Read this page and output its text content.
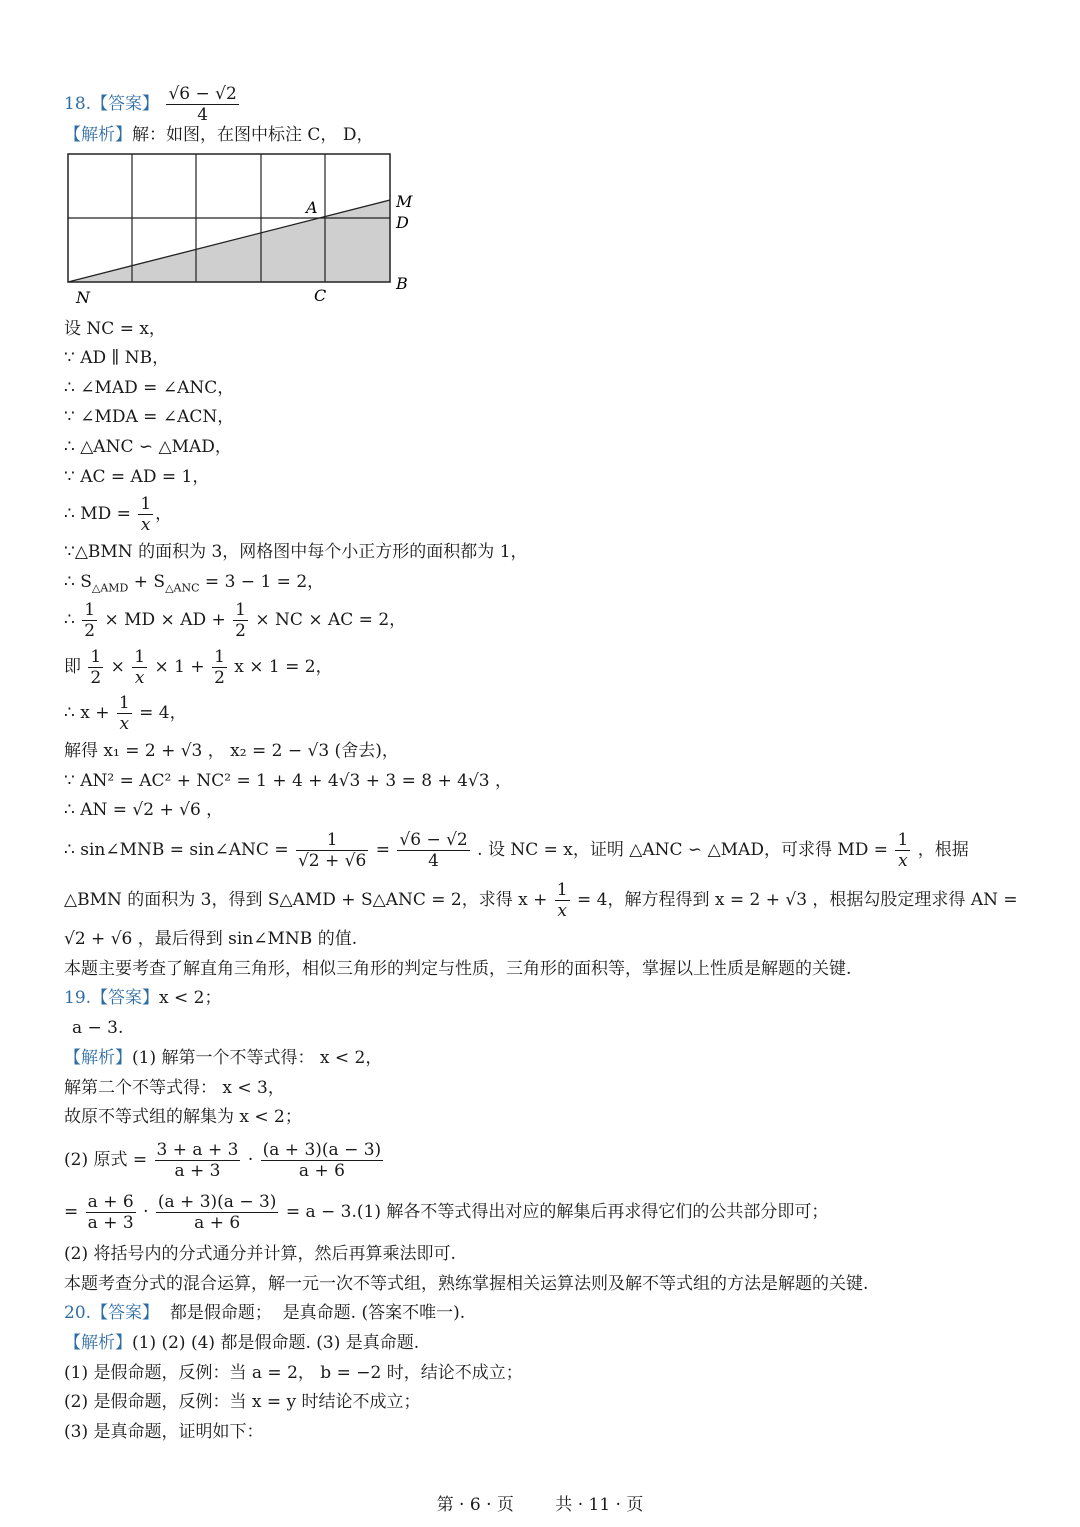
18.【答案】 $\frac{√6 - √2}{4}$
【解析】解：如图，在图中标注 C， D，
A	M
D
N	C
B
设 NC = x，
∵ AD ∥ NB，
∴ ∠MAD = ∠ANC，
∵ ∠MDA = ∠ACN，
∴ △ANC ∽ △MAD，
∵ AC = AD = 1，
∴ MD = $\frac{1}{x}$ ，
∵△BMN 的面积为 3，网格图中每个小正方形的面积都为 1，
∴ $S_{\triangle AMD} + S_{\triangle ANC} = 3 - 1 = 2$，
∴ $\frac{1}{2}$ × MD × AD + $\frac{1}{2}$ × NC × AC = 2，
即 $\frac{1}{2} \times \frac{1}{x} \times 1 + \frac{1}{2}$ x × 1 = 2，
∴ $x + \frac{1}{x} = 4$，
解得 x₁ = 2 + √3 ， x₂ = 2 − √3 (舍去)，
∵ AN² = AC² + NC² = 1 + 4 + 4√3 + 3 = 8 + 4√3 ，
∴ AN = √2 + √6 ，
∴ sin∠MNB = sin∠ANC = $\frac{1}{√2 + √6} = \frac{√6 - √2}{4}$ . 设 NC = x，证明 △ANC ∽ △MAD，可求得 MD = $\frac{1}{x}$ ，根据
△BMN 的面积为 3，得到 S△AMD + S△ANC = 2，求得 $x + \frac{1}{x} = 4$，解方程得到 x = 2 + √3 ，根据勾股定理求得 AN =
√2 + √6 ，最后得到 sin∠MNB 的值.
本题主要考查了解直角三角形，相似三角形的判定与性质，三角形的面积等，掌握以上性质是解题的关键.
19.【答案】x < 2；
a − 3.
【解析】(1) 解第一个不等式得： x < 2，
解第二个不等式得： x < 3，
故原不等式组的解集为 x < 2；
(2) 原式 = $\frac{3 + a + 3}{a + 3} \cdot \frac{(a + 3)(a - 3)}{a + 6}$
= $\frac{a + 6}{a + 3} \cdot \frac{(a + 3)(a - 3)}{a + 6} = a - 3.(1)$ 解各不等式得出对应的解集后再求得它们的公共部分即可；
(2) 将括号内的分式通分并计算，然后再算乘法即可.
本题考查分式的混合运算，解一元一次不等式组，熟练掌握相关运算法则及解不等式组的方法是解题的关键.
20.【答案】  都是假命题；  是真命题. (答案不唯一).
【解析】(1) (2) (4) 都是假命题. (3) 是真命题.
(1) 是假命题，反例：当 a = 2， b = −2 时，结论不成立；
(2) 是假命题，反例：当 x = y 时结论不成立；
(3) 是真命题，证明如下：
第 · 6 · 页 共 · 11 · 页
